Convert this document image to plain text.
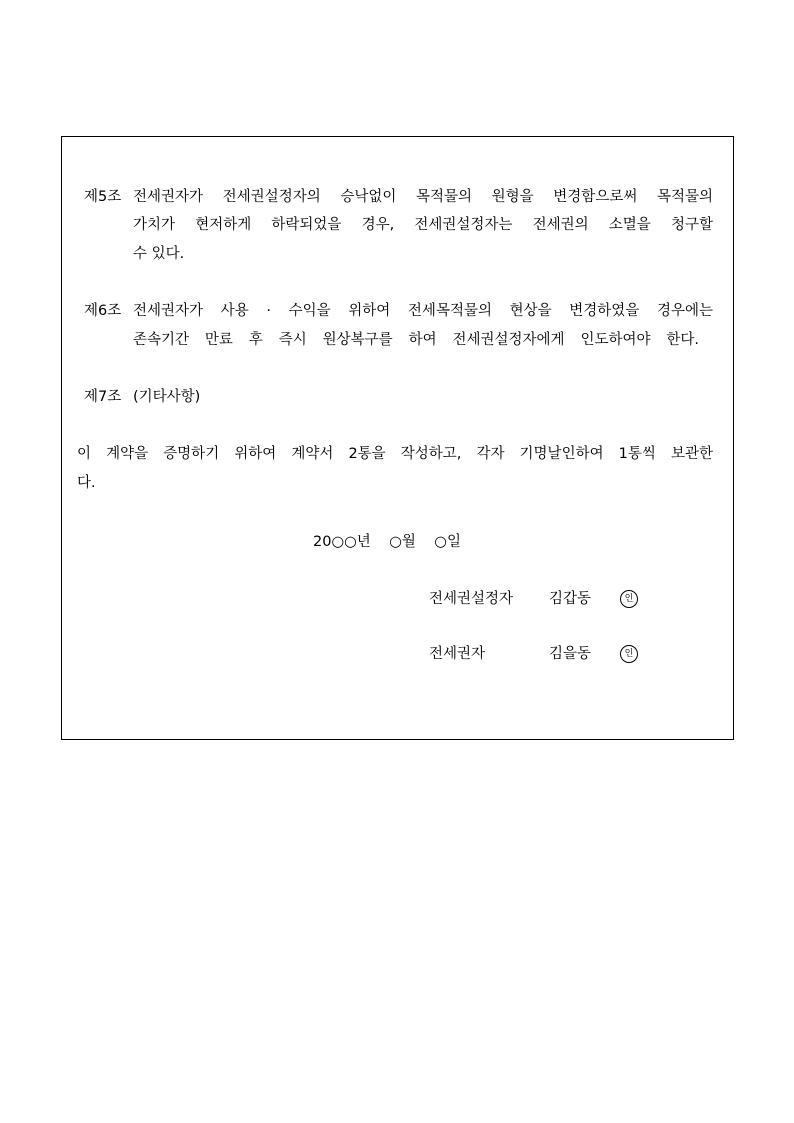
제5조 전세권자가 전세권설정자의 승낙없이 목적물의 원형을 변경함으로써 목적물의
가치가 현저하게 하락되었을 경우, 전세권설정자는 전세권의 소멸을 청구할
수 있다.
제6조 전세권자가 사용 · 수익을 위하여 전세목적물의 현상을 변경하였을 경우에는
존속기간 만료 후 즉시 원상복구를 하여 전세권설정자에게 인도하여야 한다.
제7조 (기타사항)
이 계약을 증명하기 위하여 계약서 2통을 작성하고, 각자 기명날인하여 1통씩 보관한
다.
20○○년    ○월    ○일
전세권설정자	김갑동	인
전세권자	김을동	인
